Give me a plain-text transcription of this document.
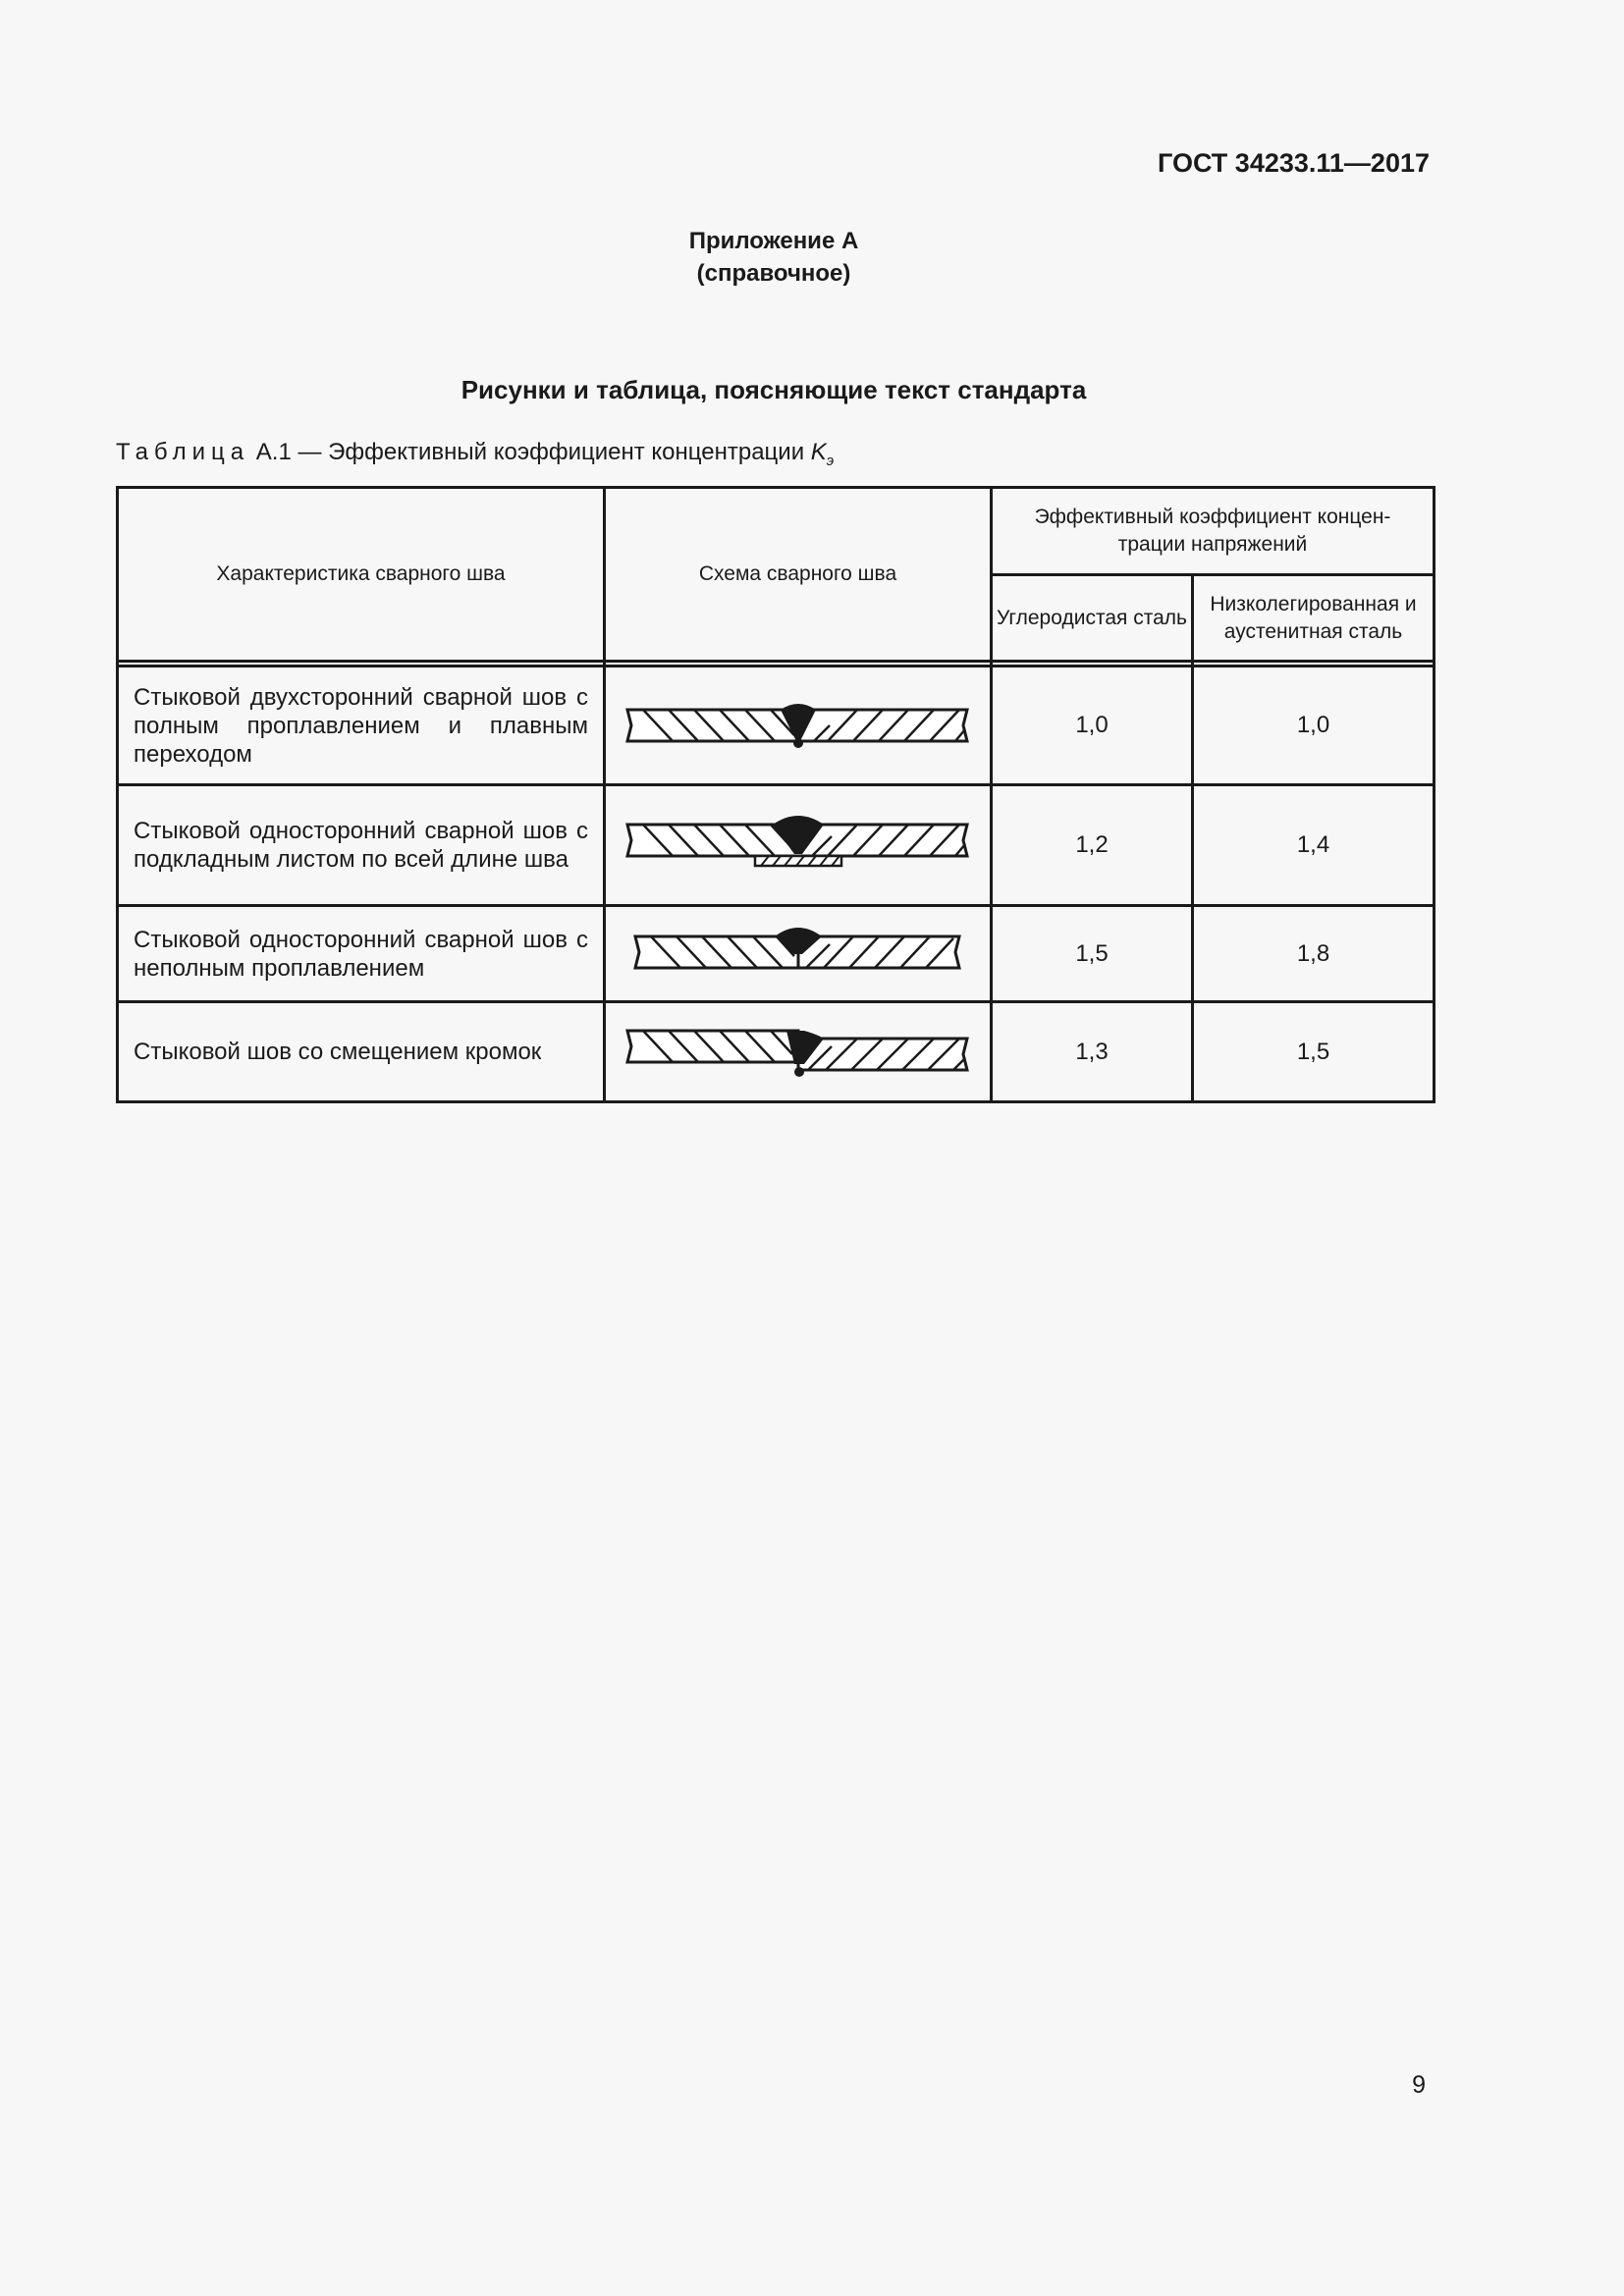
ГОСТ 34233.11—2017
Приложение А
(справочное)
Рисунки и таблица, поясняющие текст стандарта
Таблица А.1 — Эффективный коэффициент концентрации $K_э$
Характеристика сварного шва	Схема сварного шва	Эффективный коэффициент концен-трации напряжений	
		Углеродистая сталь	Низколегированная и аустенитная сталь

Стыковой двухсторонний сварной шов с полным проплавлением и плавным переходом		1,0	1,0
Стыковой односторонний сварной шов с подкладным листом по всей длине шва		1,2	1,4
Стыковой односторонний сварной шов с неполным проплавлением		1,5	1,8
Стыковой шов со смещением кромок		1,3	1,5
9
